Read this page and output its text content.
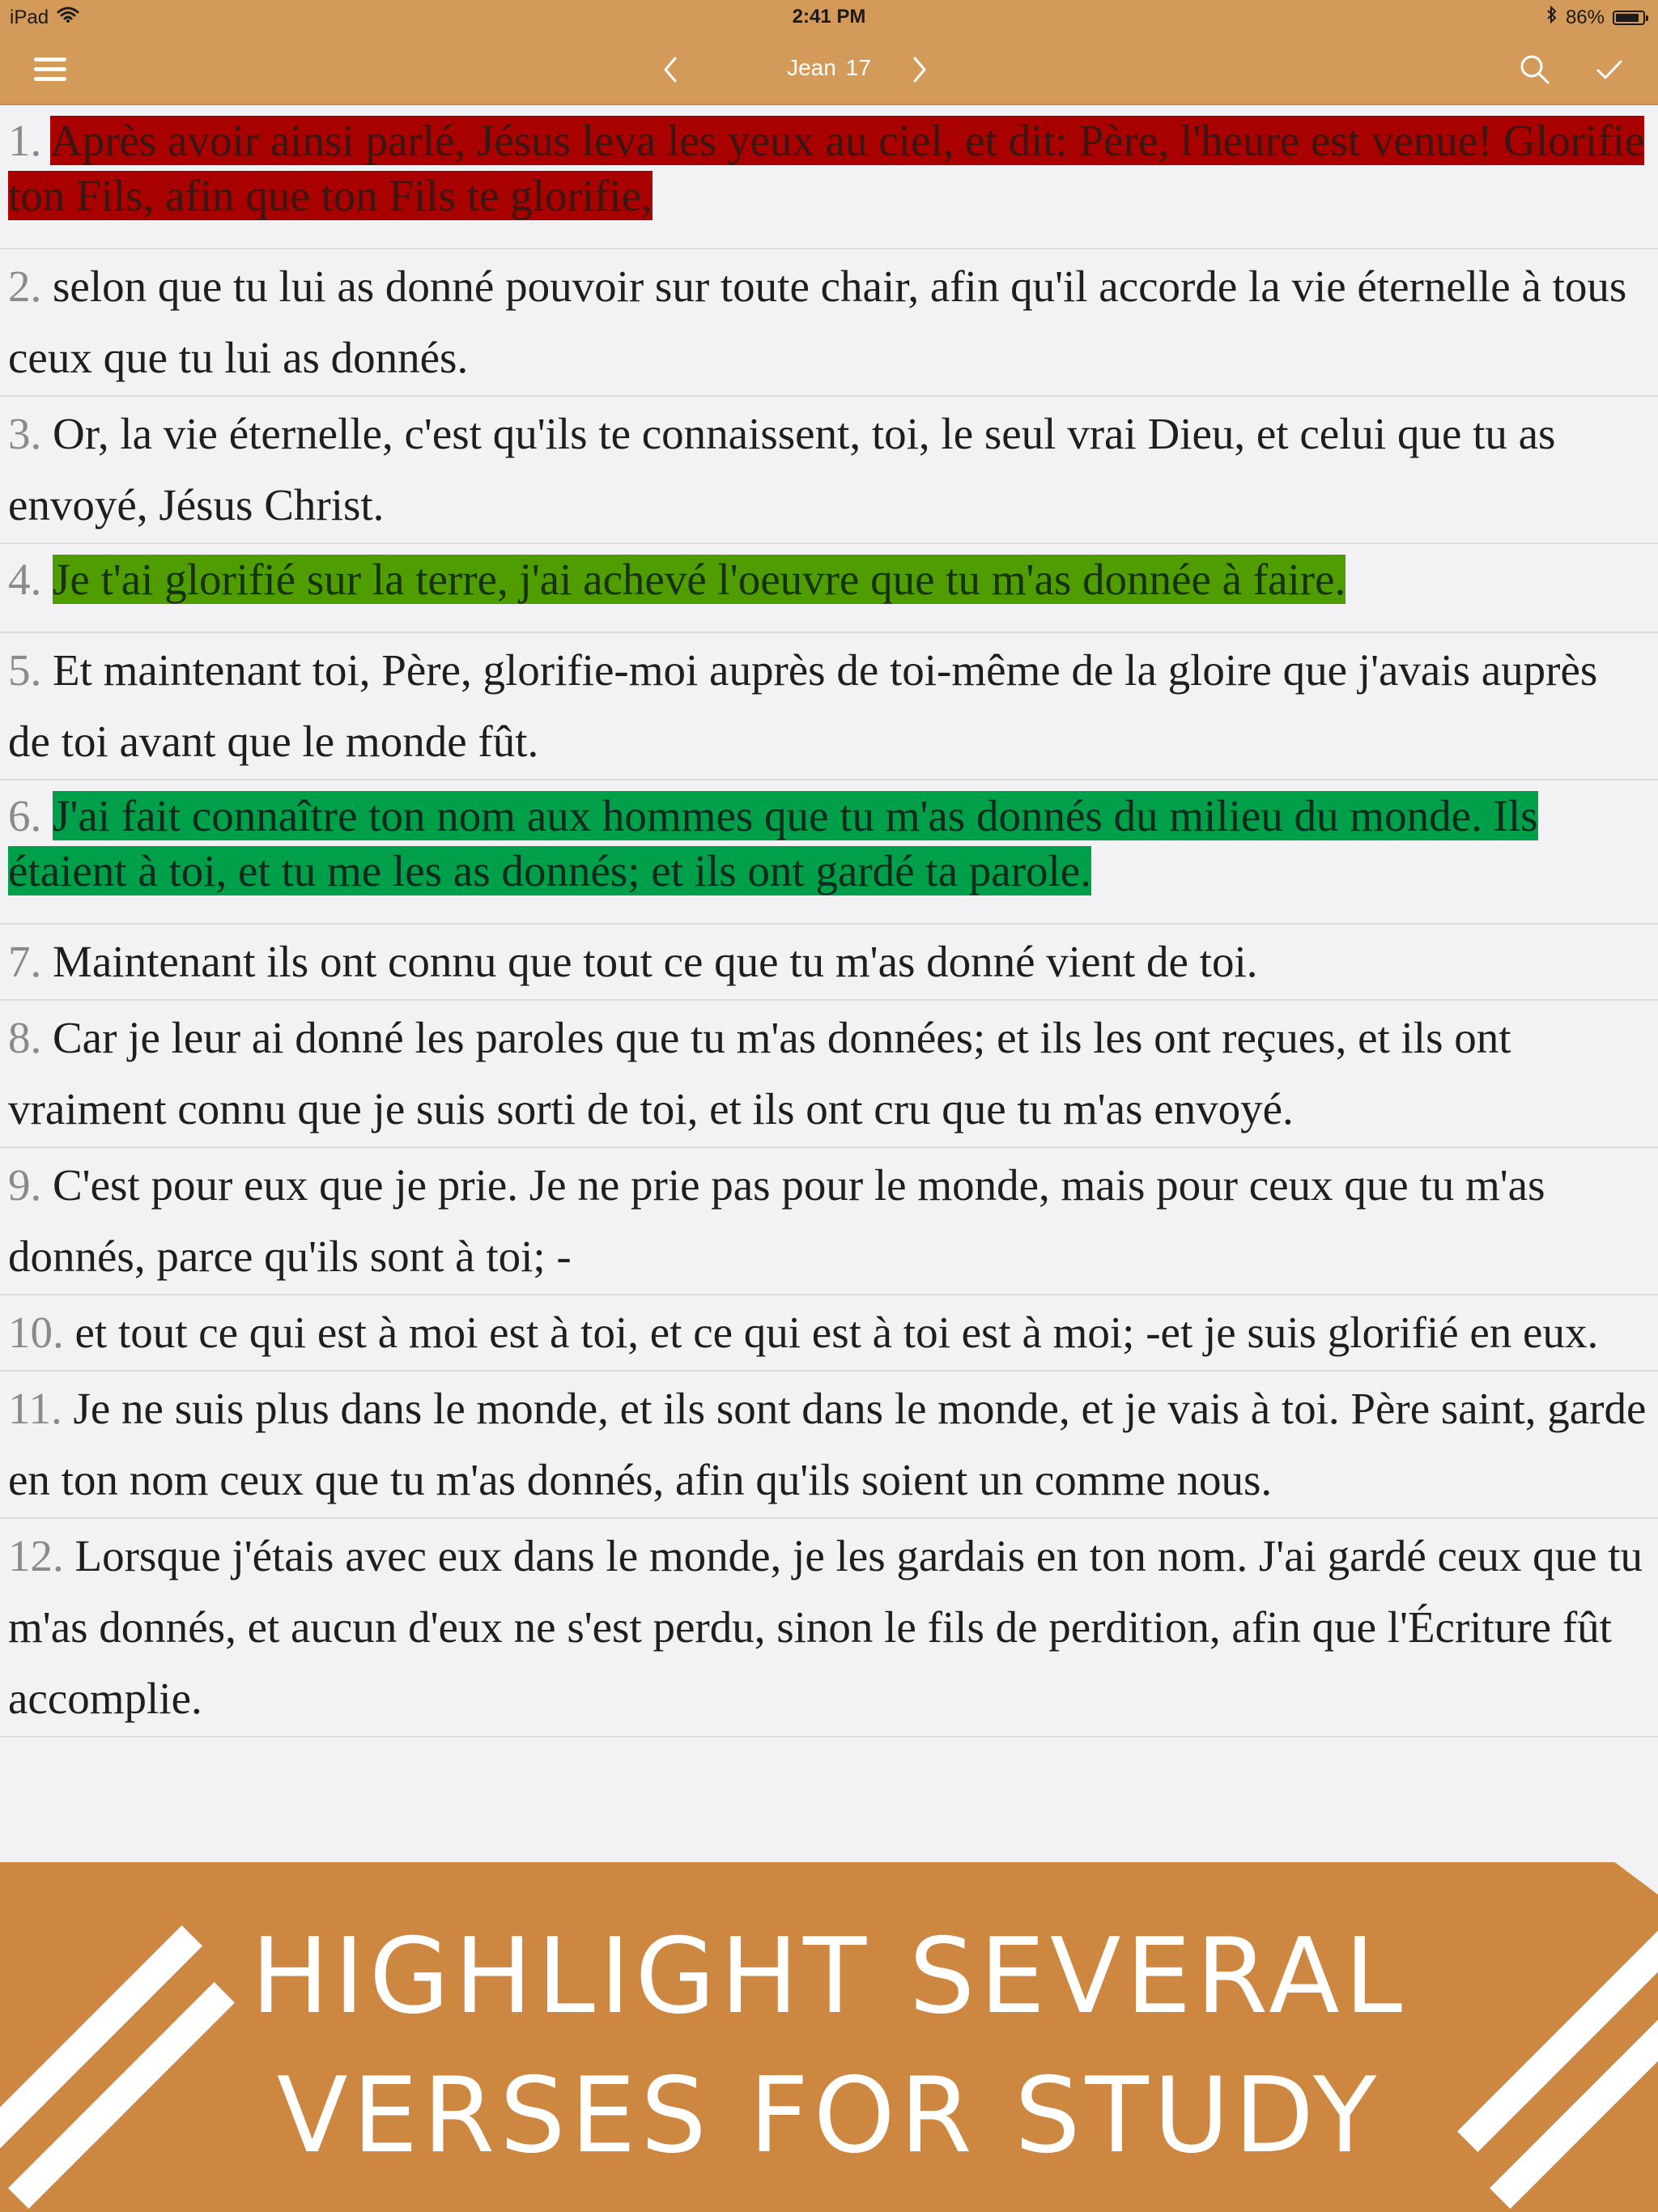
iPad	2:41 PM	86%
Jean 17
1. Après avoir ainsi parlé, Jésus leva les yeux au ciel, et dit: Père, l'heure est venue! Glorifie ton Fils, afin que ton Fils te glorifie,
2. selon que tu lui as donné pouvoir sur toute chair, afin qu'il accorde la vie éternelle à tous ceux que tu lui as donnés.
3. Or, la vie éternelle, c'est qu'ils te connaissent, toi, le seul vrai Dieu, et celui que tu as envoyé, Jésus Christ.
4. Je t'ai glorifié sur la terre, j'ai achevé l'oeuvre que tu m'as donnée à faire.
5. Et maintenant toi, Père, glorifie-moi auprès de toi-même de la gloire que j'avais auprès de toi avant que le monde fût.
6. J'ai fait connaître ton nom aux hommes que tu m'as donnés du milieu du monde. Ils étaient à toi, et tu me les as donnés; et ils ont gardé ta parole.
7. Maintenant ils ont connu que tout ce que tu m'as donné vient de toi.
8. Car je leur ai donné les paroles que tu m'as données; et ils les ont reçues, et ils ont vraiment connu que je suis sorti de toi, et ils ont cru que tu m'as envoyé.
9. C'est pour eux que je prie. Je ne prie pas pour le monde, mais pour ceux que tu m'as donnés, parce qu'ils sont à toi; -
10. et tout ce qui est à moi est à toi, et ce qui est à toi est à moi; -et je suis glorifié en eux.
11. Je ne suis plus dans le monde, et ils sont dans le monde, et je vais à toi. Père saint, garde en ton nom ceux que tu m'as donnés, afin qu'ils soient un comme nous.
12. Lorsque j'étais avec eux dans le monde, je les gardais en ton nom. J'ai gardé ceux que tu m'as donnés, et aucun d'eux ne s'est perdu, sinon le fils de perdition, afin que l'Écriture fût accomplie.
HIGHLIGHT SEVERAL
VERSES FOR STUDY
